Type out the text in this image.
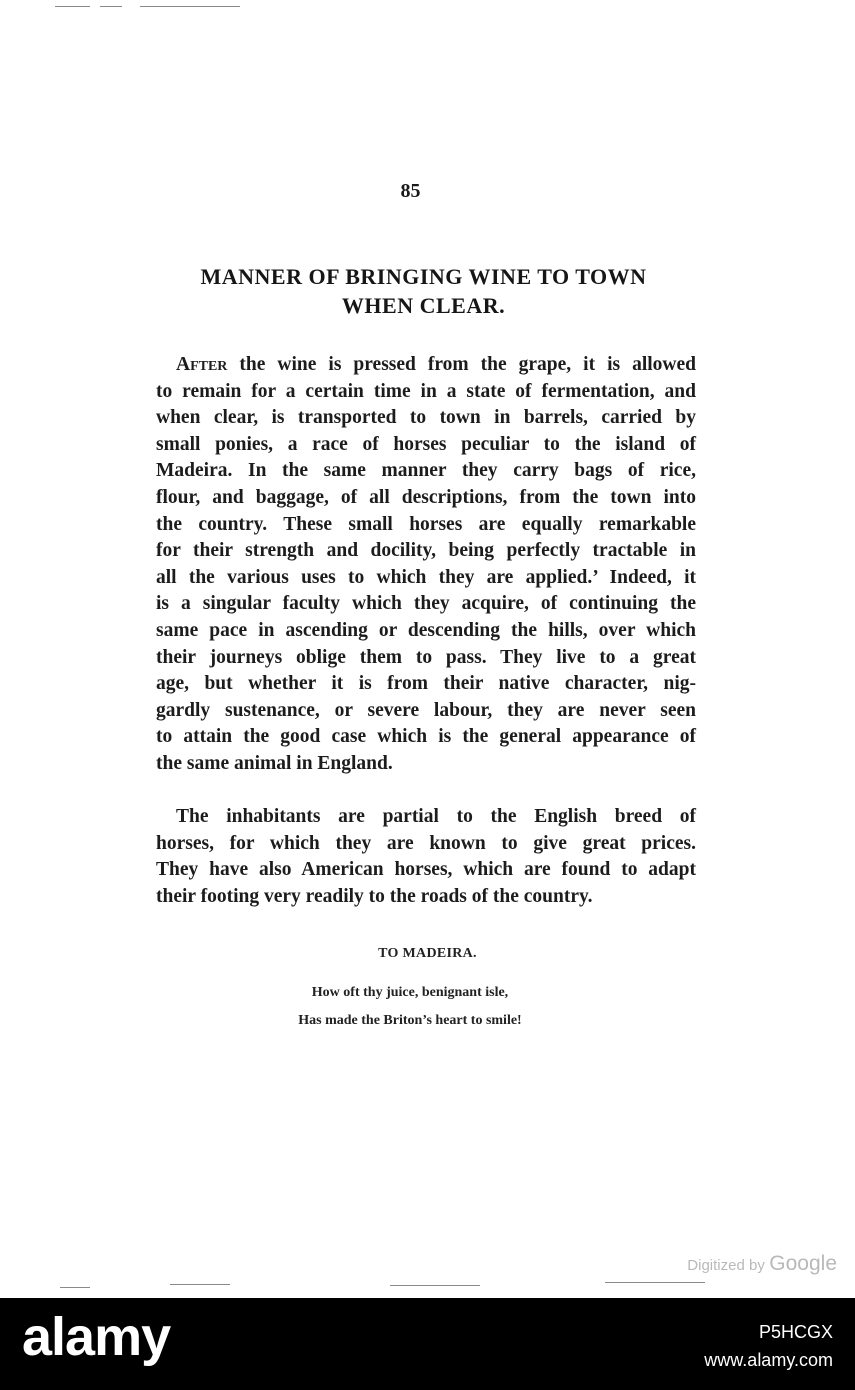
85
MANNER OF BRINGING WINE TO TOWN
WHEN CLEAR.
After the wine is pressed from the grape, it is allowed
to remain for a certain time in a state of fermentation, and
when clear, is transported to town in barrels, carried by
small ponies, a race of horses peculiar to the island of
Madeira. In the same manner they carry bags of rice,
flour, and baggage, of all descriptions, from the town into
the country. These small horses are equally remarkable
for their strength and docility, being perfectly tractable in
all the various uses to which they are applied.’ Indeed, it
is a singular faculty which they acquire, of continuing the
same pace in ascending or descending the hills, over which
their journeys oblige them to pass. They live to a great
age, but whether it is from their native character, nig-
gardly sustenance, or severe labour, they are never seen
to attain the good case which is the general appearance of
the same animal in England.
The inhabitants are partial to the English breed of
horses, for which they are known to give great prices.
They have also American horses, which are found to adapt
their footing very readily to the roads of the country.
TO MADEIRA.
How oft thy juice, benignant isle,
Has made the Briton’s heart to smile!
Digitized by Google
alamy	P5HCGX
www.alamy.com
